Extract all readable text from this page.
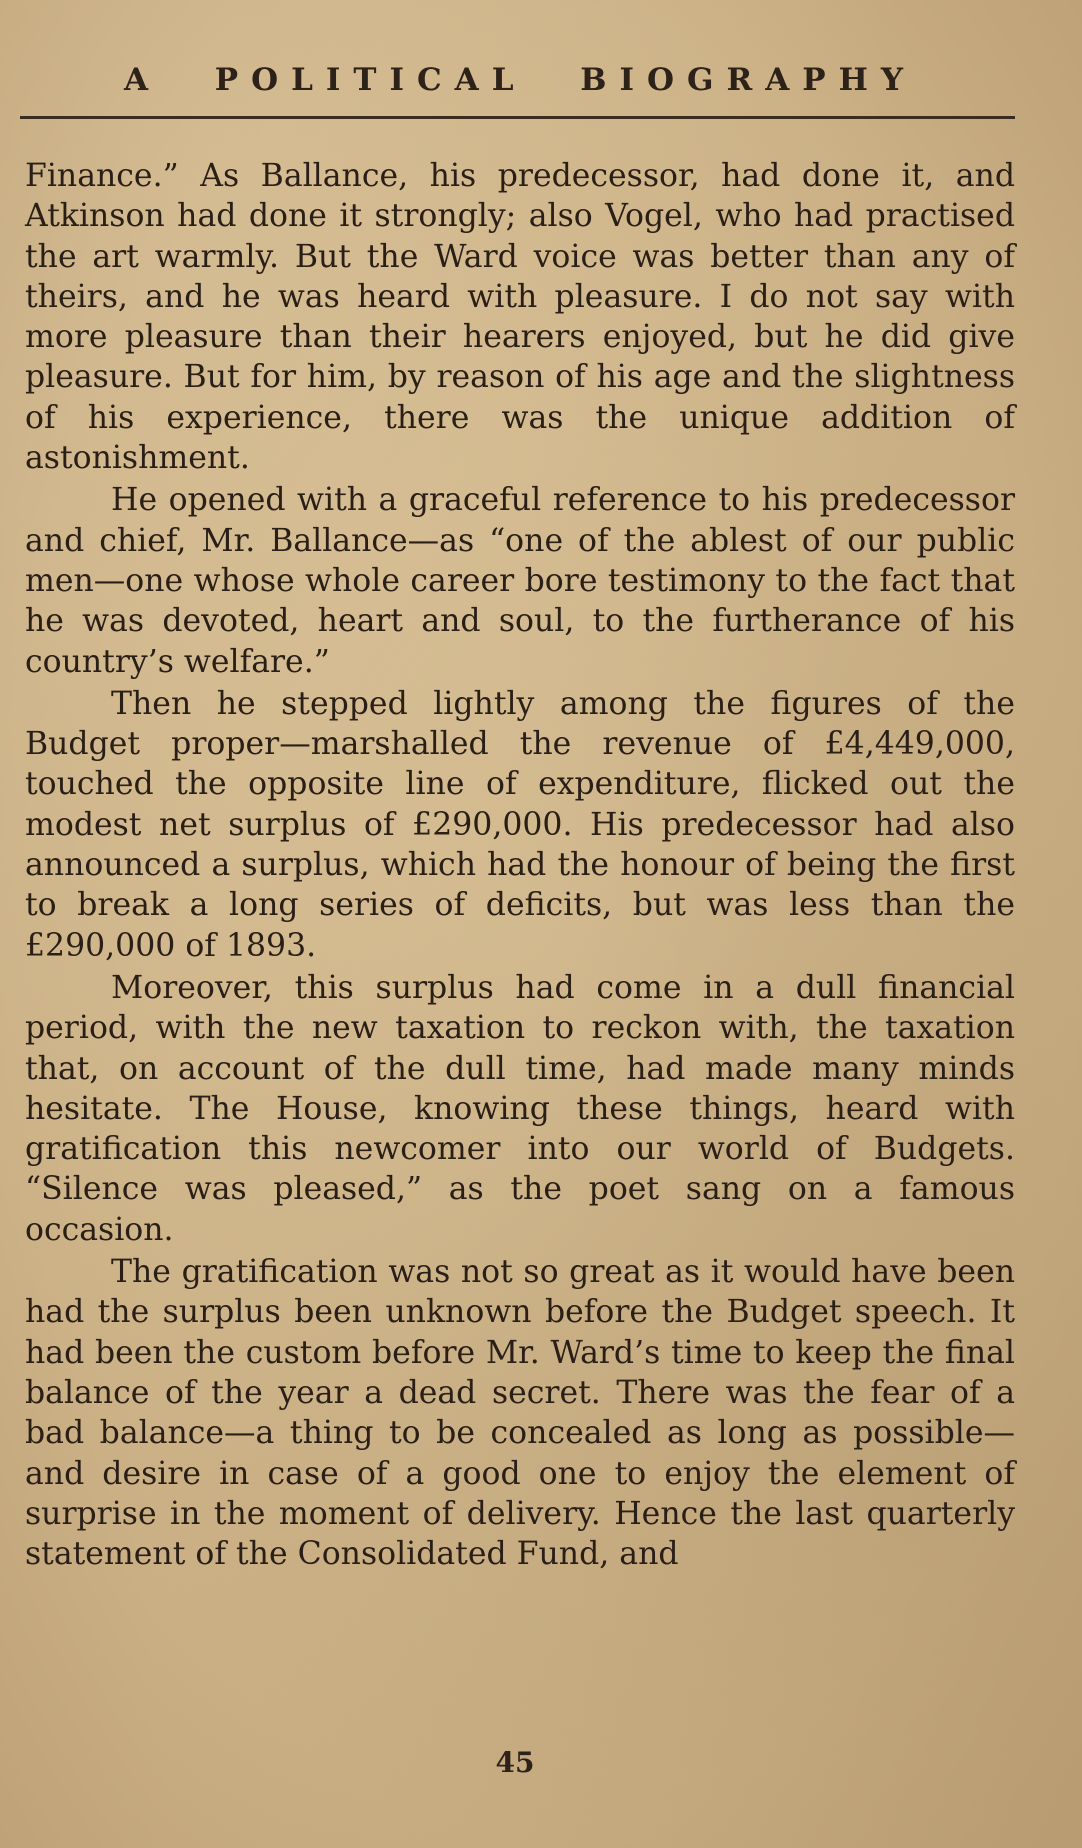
A POLITICAL BIOGRAPHY

Finance.” As Ballance, his predecessor, had done it, and Atkinson had done it strongly; also Vogel, who had practised the art warmly. But the Ward voice was better than any of theirs, and he was heard with pleasure. I do not say with more pleasure than their hearers enjoyed, but he did give pleasure. But for him, by reason of his age and the slightness of his experience, there was the unique addition of astonishment.

He opened with a graceful reference to his predecessor and chief, Mr. Ballance—as “one of the ablest of our public men—one whose whole career bore testimony to the fact that he was devoted, heart and soul, to the furtherance of his country’s welfare.”

Then he stepped lightly among the figures of the Budget proper—marshalled the revenue of £4,449,000, touched the opposite line of expenditure, flicked out the modest net surplus of £290,000. His predecessor had also announced a surplus, which had the honour of being the first to break a long series of deficits, but was less than the £290,000 of 1893.

Moreover, this surplus had come in a dull financial period, with the new taxation to reckon with, the taxation that, on account of the dull time, had made many minds hesitate. The House, knowing these things, heard with gratification this newcomer into our world of Budgets. “Silence was pleased,” as the poet sang on a famous occasion.

The gratification was not so great as it would have been had the surplus been unknown before the Budget speech. It had been the custom before Mr. Ward’s time to keep the final balance of the year a dead secret. There was the fear of a bad balance—a thing to be concealed as long as possible—and desire in case of a good one to enjoy the element of surprise in the moment of delivery. Hence the last quarterly statement of the Consolidated Fund, and

45
